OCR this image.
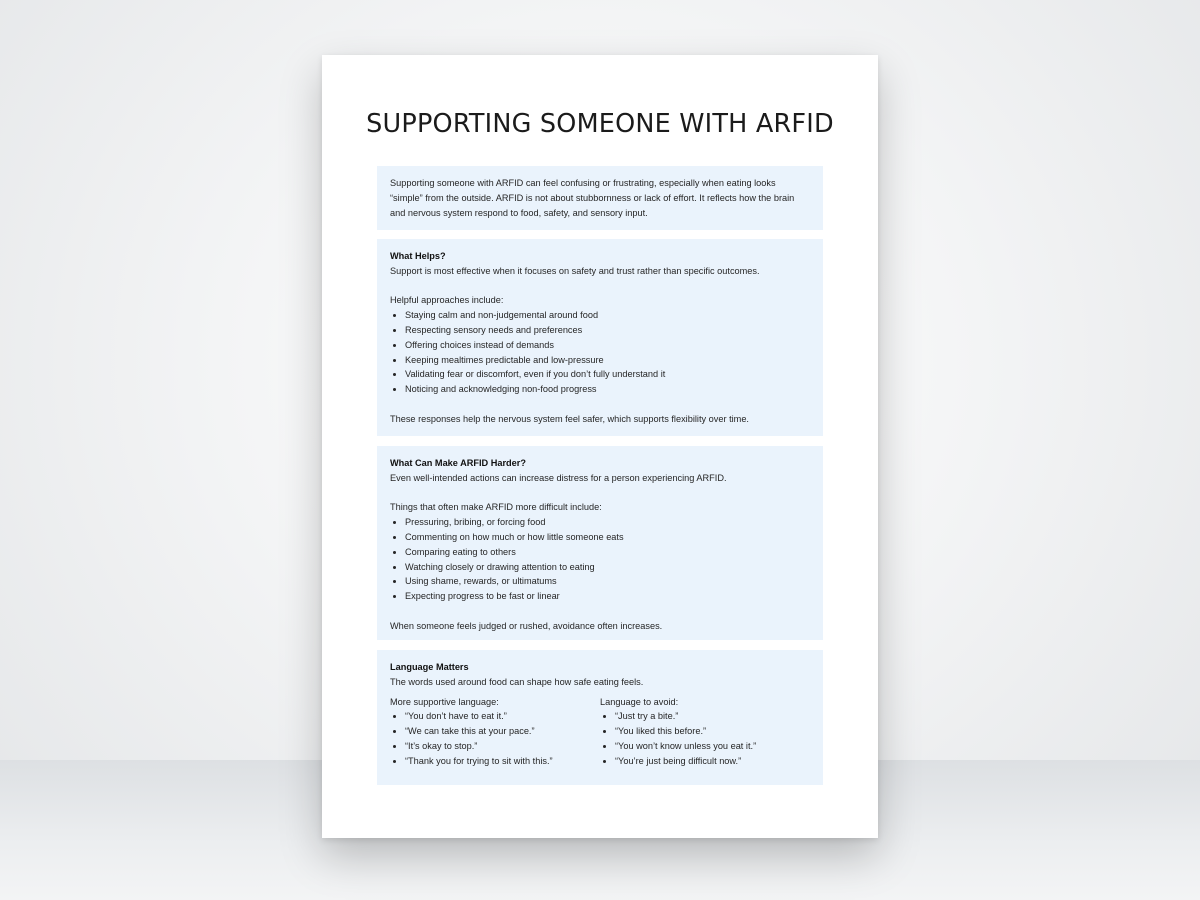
SUPPORTING SOMEONE WITH ARFID

Supporting someone with ARFID can feel confusing or frustrating, especially when eating looks “simple” from the outside. ARFID is not about stubbornness or lack of effort. It reflects how the brain and nervous system respond to food, safety, and sensory input.

What Helps?

Support is most effective when it focuses on safety and trust rather than specific outcomes.

Helpful approaches include:

• Staying calm and non-judgemental around food
• Respecting sensory needs and preferences
• Offering choices instead of demands
• Keeping mealtimes predictable and low-pressure
• Validating fear or discomfort, even if you don’t fully understand it
• Noticing and acknowledging non-food progress

These responses help the nervous system feel safer, which supports flexibility over time.

What Can Make ARFID Harder?

Even well-intended actions can increase distress for a person experiencing ARFID.

Things that often make ARFID more difficult include:

• Pressuring, bribing, or forcing food
• Commenting on how much or how little someone eats
• Comparing eating to others
• Watching closely or drawing attention to eating
• Using shame, rewards, or ultimatums
• Expecting progress to be fast or linear

When someone feels judged or rushed, avoidance often increases.

Language Matters

The words used around food can shape how safe eating feels.

More supportive language:

• “You don’t have to eat it.”
• “We can take this at your pace.”
• “It’s okay to stop.”
• “Thank you for trying to sit with this.”

Language to avoid:

• “Just try a bite.”
• “You liked this before.”
• “You won’t know unless you eat it.”
• “You’re just being difficult now.”
